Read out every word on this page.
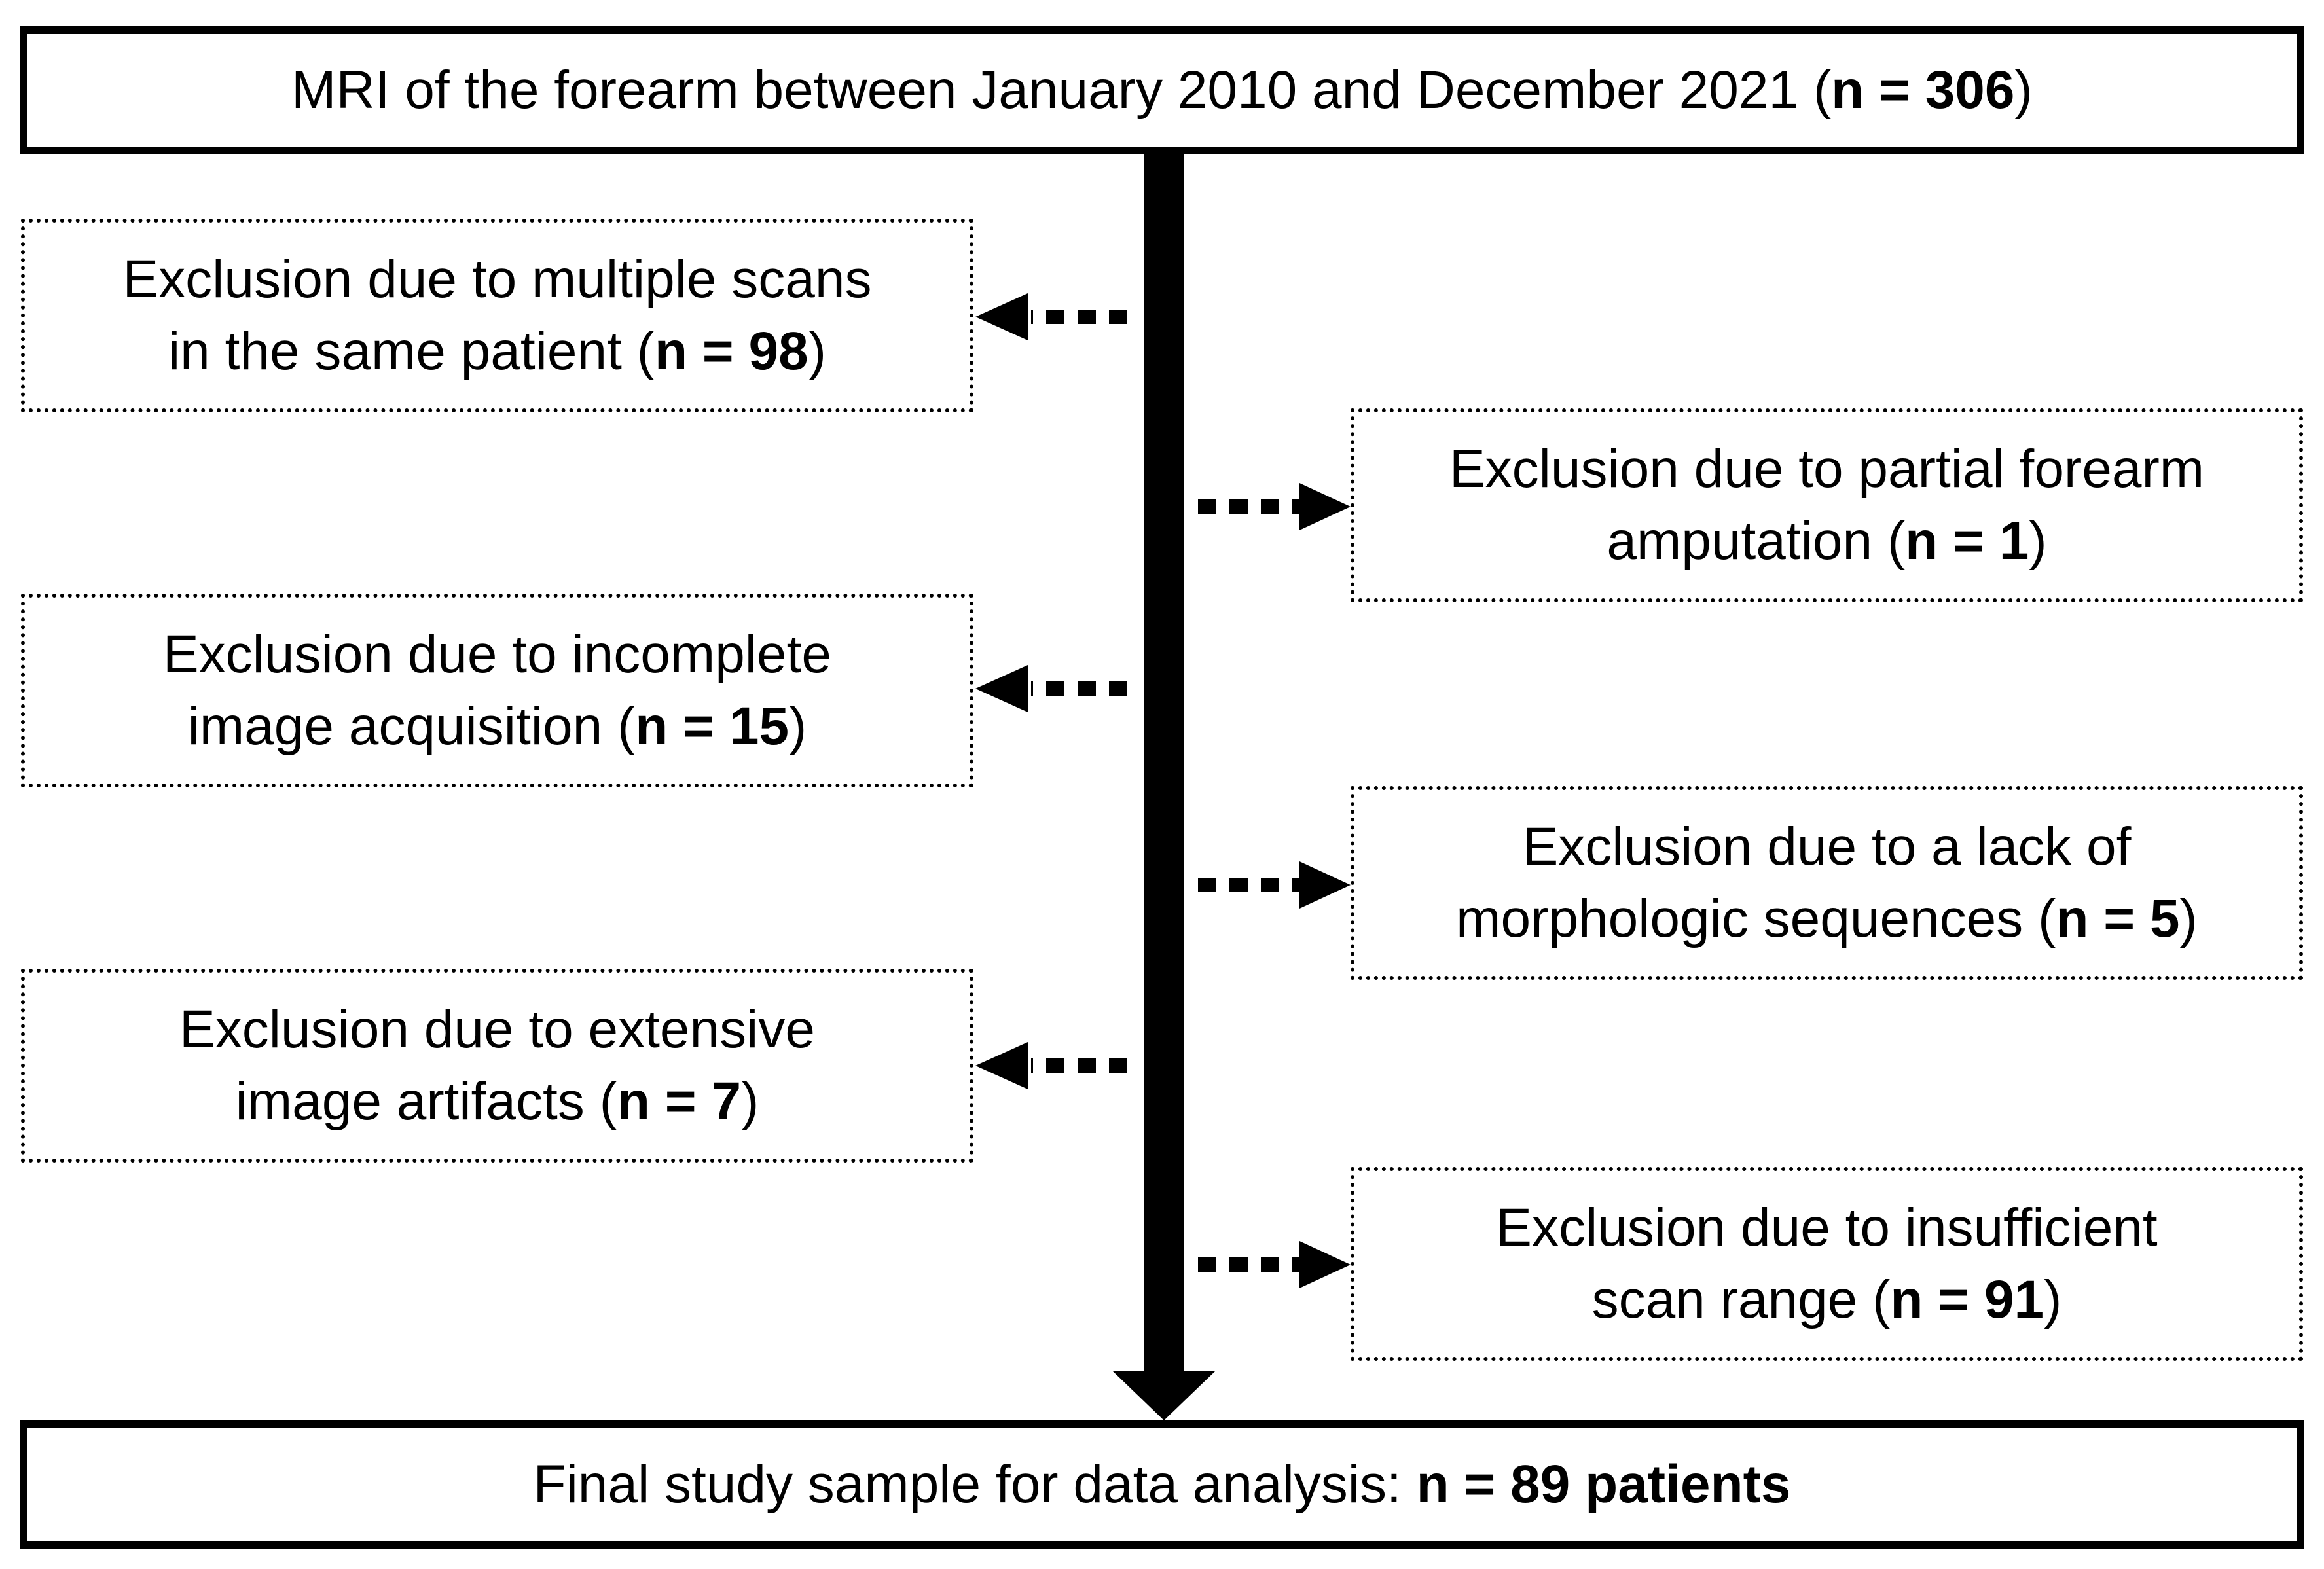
MRI of the forearm between January 2010 and December 2021 (n = 306)
Exclusion due to multiple scans
in the same patient (n = 98)
Exclusion due to incomplete
image acquisition (n = 15)
Exclusion due to extensive
image artifacts (n = 7)
Exclusion due to partial forearm
amputation (n = 1)
Exclusion due to a lack of
morphologic sequences (n = 5)
Exclusion due to insufficient
scan range (n = 91)
Final study sample for data analysis: n = 89 patients
